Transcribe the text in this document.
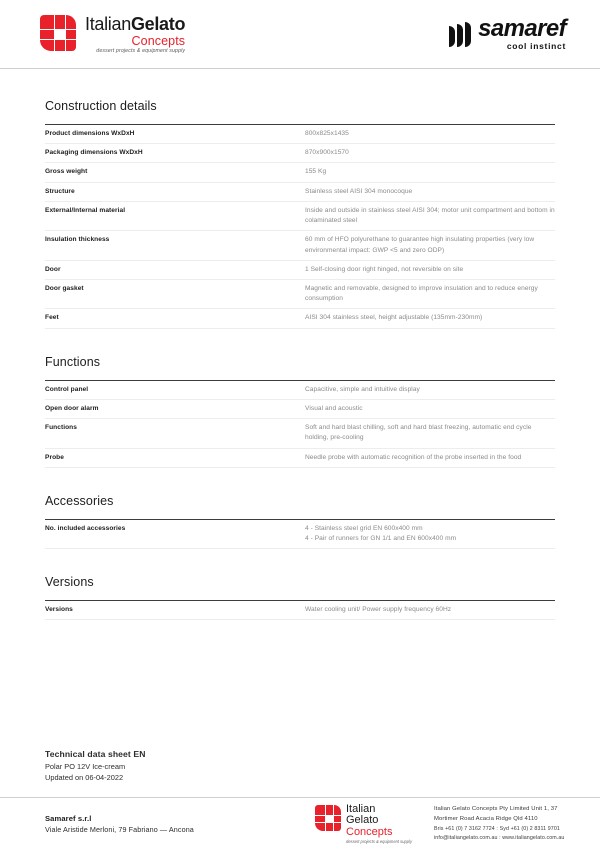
ItalianGelato
Concepts
dessert projects & equipment supply
samaref
cool instinct
Construction details
Product dimensions WxDxH	800x825x1435

Packaging dimensions WxDxH	870x900x1570

Gross weight	155 Kg

Structure	Stainless steel AISI 304 monocoque

External/Internal material	Inside and outside in stainless steel AISI 304; motor unit compartment and bottom in colaminated steel

Insulation thickness	60 mm of HFO polyurethane to guarantee high insulating properties (very low environmental impact: GWP <5 and zero ODP)

Door	1 Self-closing door right hinged, not reversible on site

Door gasket	Magnetic and removable, designed to improve insulation and to reduce energy consumption

Feet	AISI 304 stainless steel, height adjustable (135mm-230mm)
Functions
Control panel	Capacitive, simple and intuitive display

Open door alarm	Visual and acoustic

Functions	Soft and hard blast chilling, soft and hard blast freezing, automatic end cycle holding, pre-cooling

Probe	Needle probe with automatic recognition of the probe inserted in the food
Accessories
No. included accessories	4 - Stainless steel grid EN 600x400 mm
4 - Pair of runners for GN 1/1 and EN 600x400 mm
Versions
Versions	Water cooling unit/ Power supply frequency 60Hz
Technical data sheet EN
Polar PO 12V Ice-cream
Updated on 06-04-2022
Samaref s.r.l
Viale Aristide Merloni, 79 Fabriano — Ancona
Italian
Gelato
Concepts
dessert projects & equipment supply
Italian Gelato Concepts Pty Limited Unit 1, 37
Mortimer Road Acacia Ridge Qld 4110
Bris +61 (0) 7 3162 7724 : Syd +61 (0) 2 8311 9701
info@italiangelato.com.au : www.italiangelato.com.au
